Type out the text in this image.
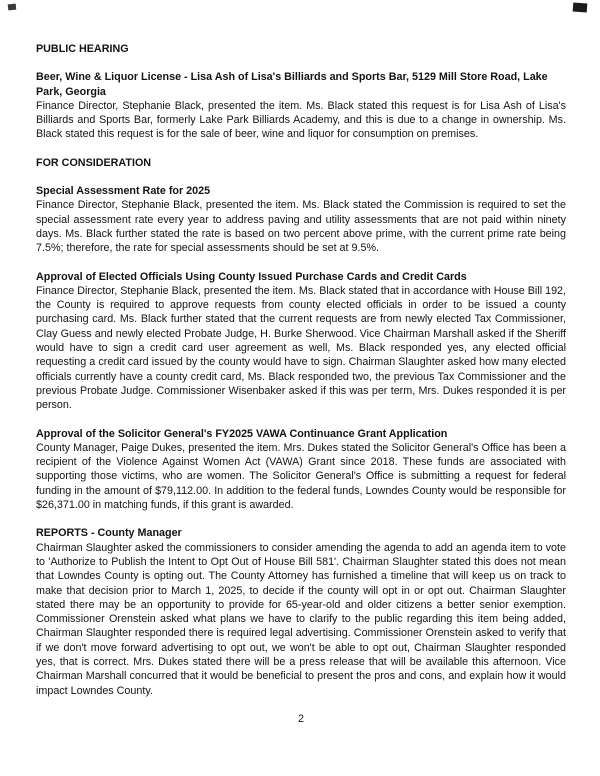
PUBLIC HEARING
Beer, Wine & Liquor License - Lisa Ash of Lisa's Billiards and Sports Bar, 5129 Mill Store Road, Lake Park, Georgia
Finance Director, Stephanie Black, presented the item. Ms. Black stated this request is for Lisa Ash of Lisa's Billiards and Sports Bar, formerly Lake Park Billiards Academy, and this is due to a change in ownership. Ms. Black stated this request is for the sale of beer, wine and liquor for consumption on premises.
FOR CONSIDERATION
Special Assessment Rate for 2025
Finance Director, Stephanie Black, presented the item. Ms. Black stated the Commission is required to set the special assessment rate every year to address paving and utility assessments that are not paid within ninety days. Ms. Black further stated the rate is based on two percent above prime, with the current prime rate being 7.5%; therefore, the rate for special assessments should be set at 9.5%.
Approval of Elected Officials Using County Issued Purchase Cards and Credit Cards
Finance Director, Stephanie Black, presented the item. Ms. Black stated that in accordance with House Bill 192, the County is required to approve requests from county elected officials in order to be issued a county purchasing card. Ms. Black further stated that the current requests are from newly elected Tax Commissioner, Clay Guess and newly elected Probate Judge, H. Burke Sherwood. Vice Chairman Marshall asked if the Sheriff would have to sign a credit card user agreement as well, Ms. Black responded yes, any elected official requesting a credit card issued by the county would have to sign. Chairman Slaughter asked how many elected officials currently have a county credit card, Ms. Black responded two, the previous Tax Commissioner and the previous Probate Judge. Commissioner Wisenbaker asked if this was per term, Mrs. Dukes responded it is per person.
Approval of the Solicitor General's FY2025 VAWA Continuance Grant Application
County Manager, Paige Dukes, presented the item. Mrs. Dukes stated the Solicitor General's Office has been a recipient of the Violence Against Women Act (VAWA) Grant since 2018. These funds are associated with supporting those victims, who are women. The Solicitor General's Office is submitting a request for federal funding in the amount of $79,112.00. In addition to the federal funds, Lowndes County would be responsible for $26,371.00 in matching funds, if this grant is awarded.
REPORTS - County Manager
Chairman Slaughter asked the commissioners to consider amending the agenda to add an agenda item to vote to 'Authorize to Publish the Intent to Opt Out of House Bill 581'. Chairman Slaughter stated this does not mean that Lowndes County is opting out. The County Attorney has furnished a timeline that will keep us on track to make that decision prior to March 1, 2025, to decide if the county will opt in or opt out. Chairman Slaughter stated there may be an opportunity to provide for 65-year-old and older citizens a better senior exemption. Commissioner Orenstein asked what plans we have to clarify to the public regarding this item being added, Chairman Slaughter responded there is required legal advertising. Commissioner Orenstein asked to verify that if we don't move forward advertising to opt out, we won't be able to opt out, Chairman Slaughter responded yes, that is correct. Mrs. Dukes stated there will be a press release that will be available this afternoon. Vice Chairman Marshall concurred that it would be beneficial to present the pros and cons, and explain how it would impact Lowndes County.
2
